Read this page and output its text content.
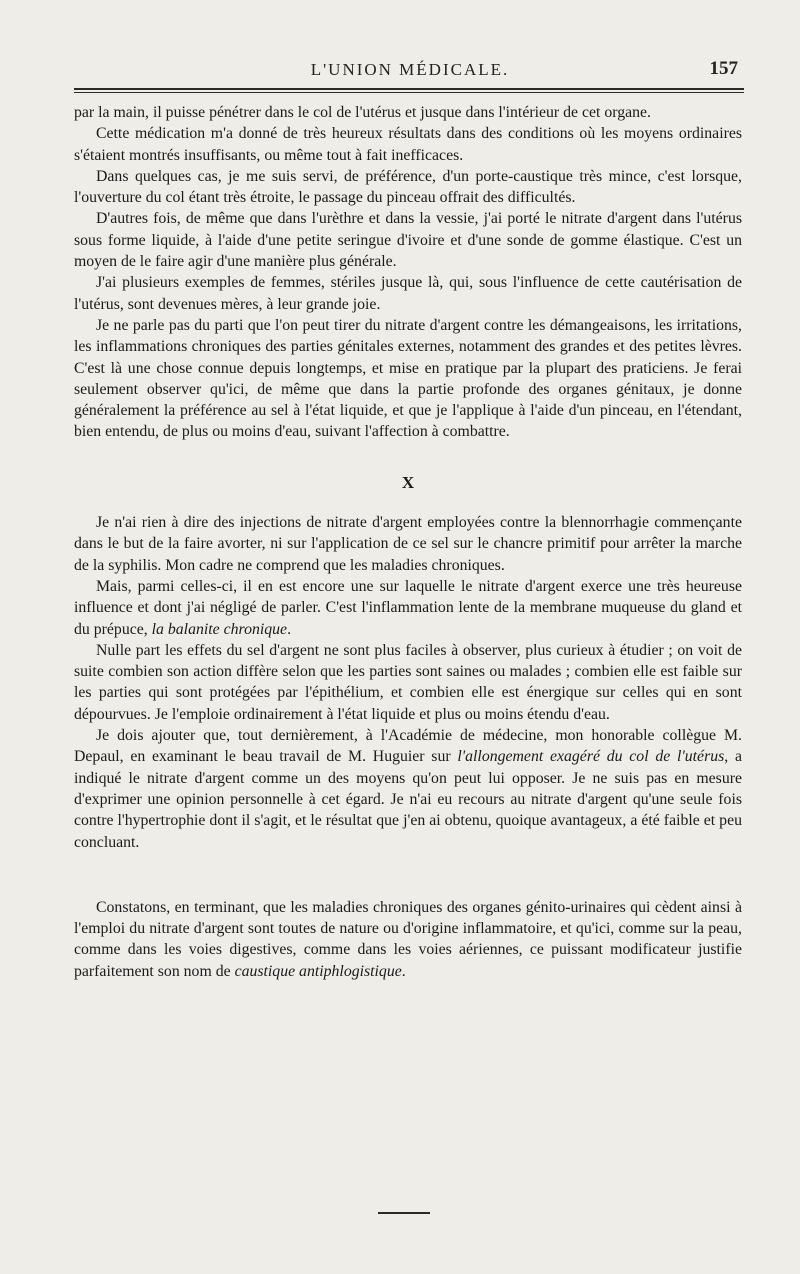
L'UNION MÉDICALE.	157

par la main, il puisse pénétrer dans le col de l'utérus et jusque dans l'intérieur de cet organe.

Cette médication m'a donné de très heureux résultats dans des conditions où les moyens ordinaires s'étaient montrés insuffisants, ou même tout à fait inefficaces.

Dans quelques cas, je me suis servi, de préférence, d'un porte-caustique très mince, c'est lorsque, l'ouverture du col étant très étroite, le passage du pinceau offrait des difficultés.

D'autres fois, de même que dans l'urèthre et dans la vessie, j'ai porté le nitrate d'argent dans l'utérus sous forme liquide, à l'aide d'une petite seringue d'ivoire et d'une sonde de gomme élastique. C'est un moyen de le faire agir d'une manière plus générale.

J'ai plusieurs exemples de femmes, stériles jusque là, qui, sous l'influence de cette cautérisation de l'utérus, sont devenues mères, à leur grande joie.

Je ne parle pas du parti que l'on peut tirer du nitrate d'argent contre les démangeaisons, les irritations, les inflammations chroniques des parties génitales externes, notamment des grandes et des petites lèvres. C'est là une chose connue depuis longtemps, et mise en pratique par la plupart des praticiens. Je ferai seulement observer qu'ici, de même que dans la partie profonde des organes génitaux, je donne généralement la préférence au sel à l'état liquide, et que je l'applique à l'aide d'un pinceau, en l'étendant, bien entendu, de plus ou moins d'eau, suivant l'affection à combattre.

X

Je n'ai rien à dire des injections de nitrate d'argent employées contre la blennorrhagie commençante dans le but de la faire avorter, ni sur l'application de ce sel sur le chancre primitif pour arrêter la marche de la syphilis. Mon cadre ne comprend que les maladies chroniques.

Mais, parmi celles-ci, il en est encore une sur laquelle le nitrate d'argent exerce une très heureuse influence et dont j'ai négligé de parler. C'est l'inflammation lente de la membrane muqueuse du gland et du prépuce, la balanite chronique.

Nulle part les effets du sel d'argent ne sont plus faciles à observer, plus curieux à étudier ; on voit de suite combien son action diffère selon que les parties sont saines ou malades ; combien elle est faible sur les parties qui sont protégées par l'épithélium, et combien elle est énergique sur celles qui en sont dépourvues. Je l'emploie ordinairement à l'état liquide et plus ou moins étendu d'eau.

Je dois ajouter que, tout dernièrement, à l'Académie de médecine, mon honorable collègue M. Depaul, en examinant le beau travail de M. Huguier sur l'allongement exagéré du col de l'utérus, a indiqué le nitrate d'argent comme un des moyens qu'on peut lui opposer. Je ne suis pas en mesure d'exprimer une opinion personnelle à cet égard. Je n'ai eu recours au nitrate d'argent qu'une seule fois contre l'hypertrophie dont il s'agit, et le résultat que j'en ai obtenu, quoique avantageux, a été faible et peu concluant.

Constatons, en terminant, que les maladies chroniques des organes génito-urinaires qui cèdent ainsi à l'emploi du nitrate d'argent sont toutes de nature ou d'origine inflammatoire, et qu'ici, comme sur la peau, comme dans les voies digestives, comme dans les voies aériennes, ce puissant modificateur justifie parfaitement son nom de caustique antiphlogistique.
